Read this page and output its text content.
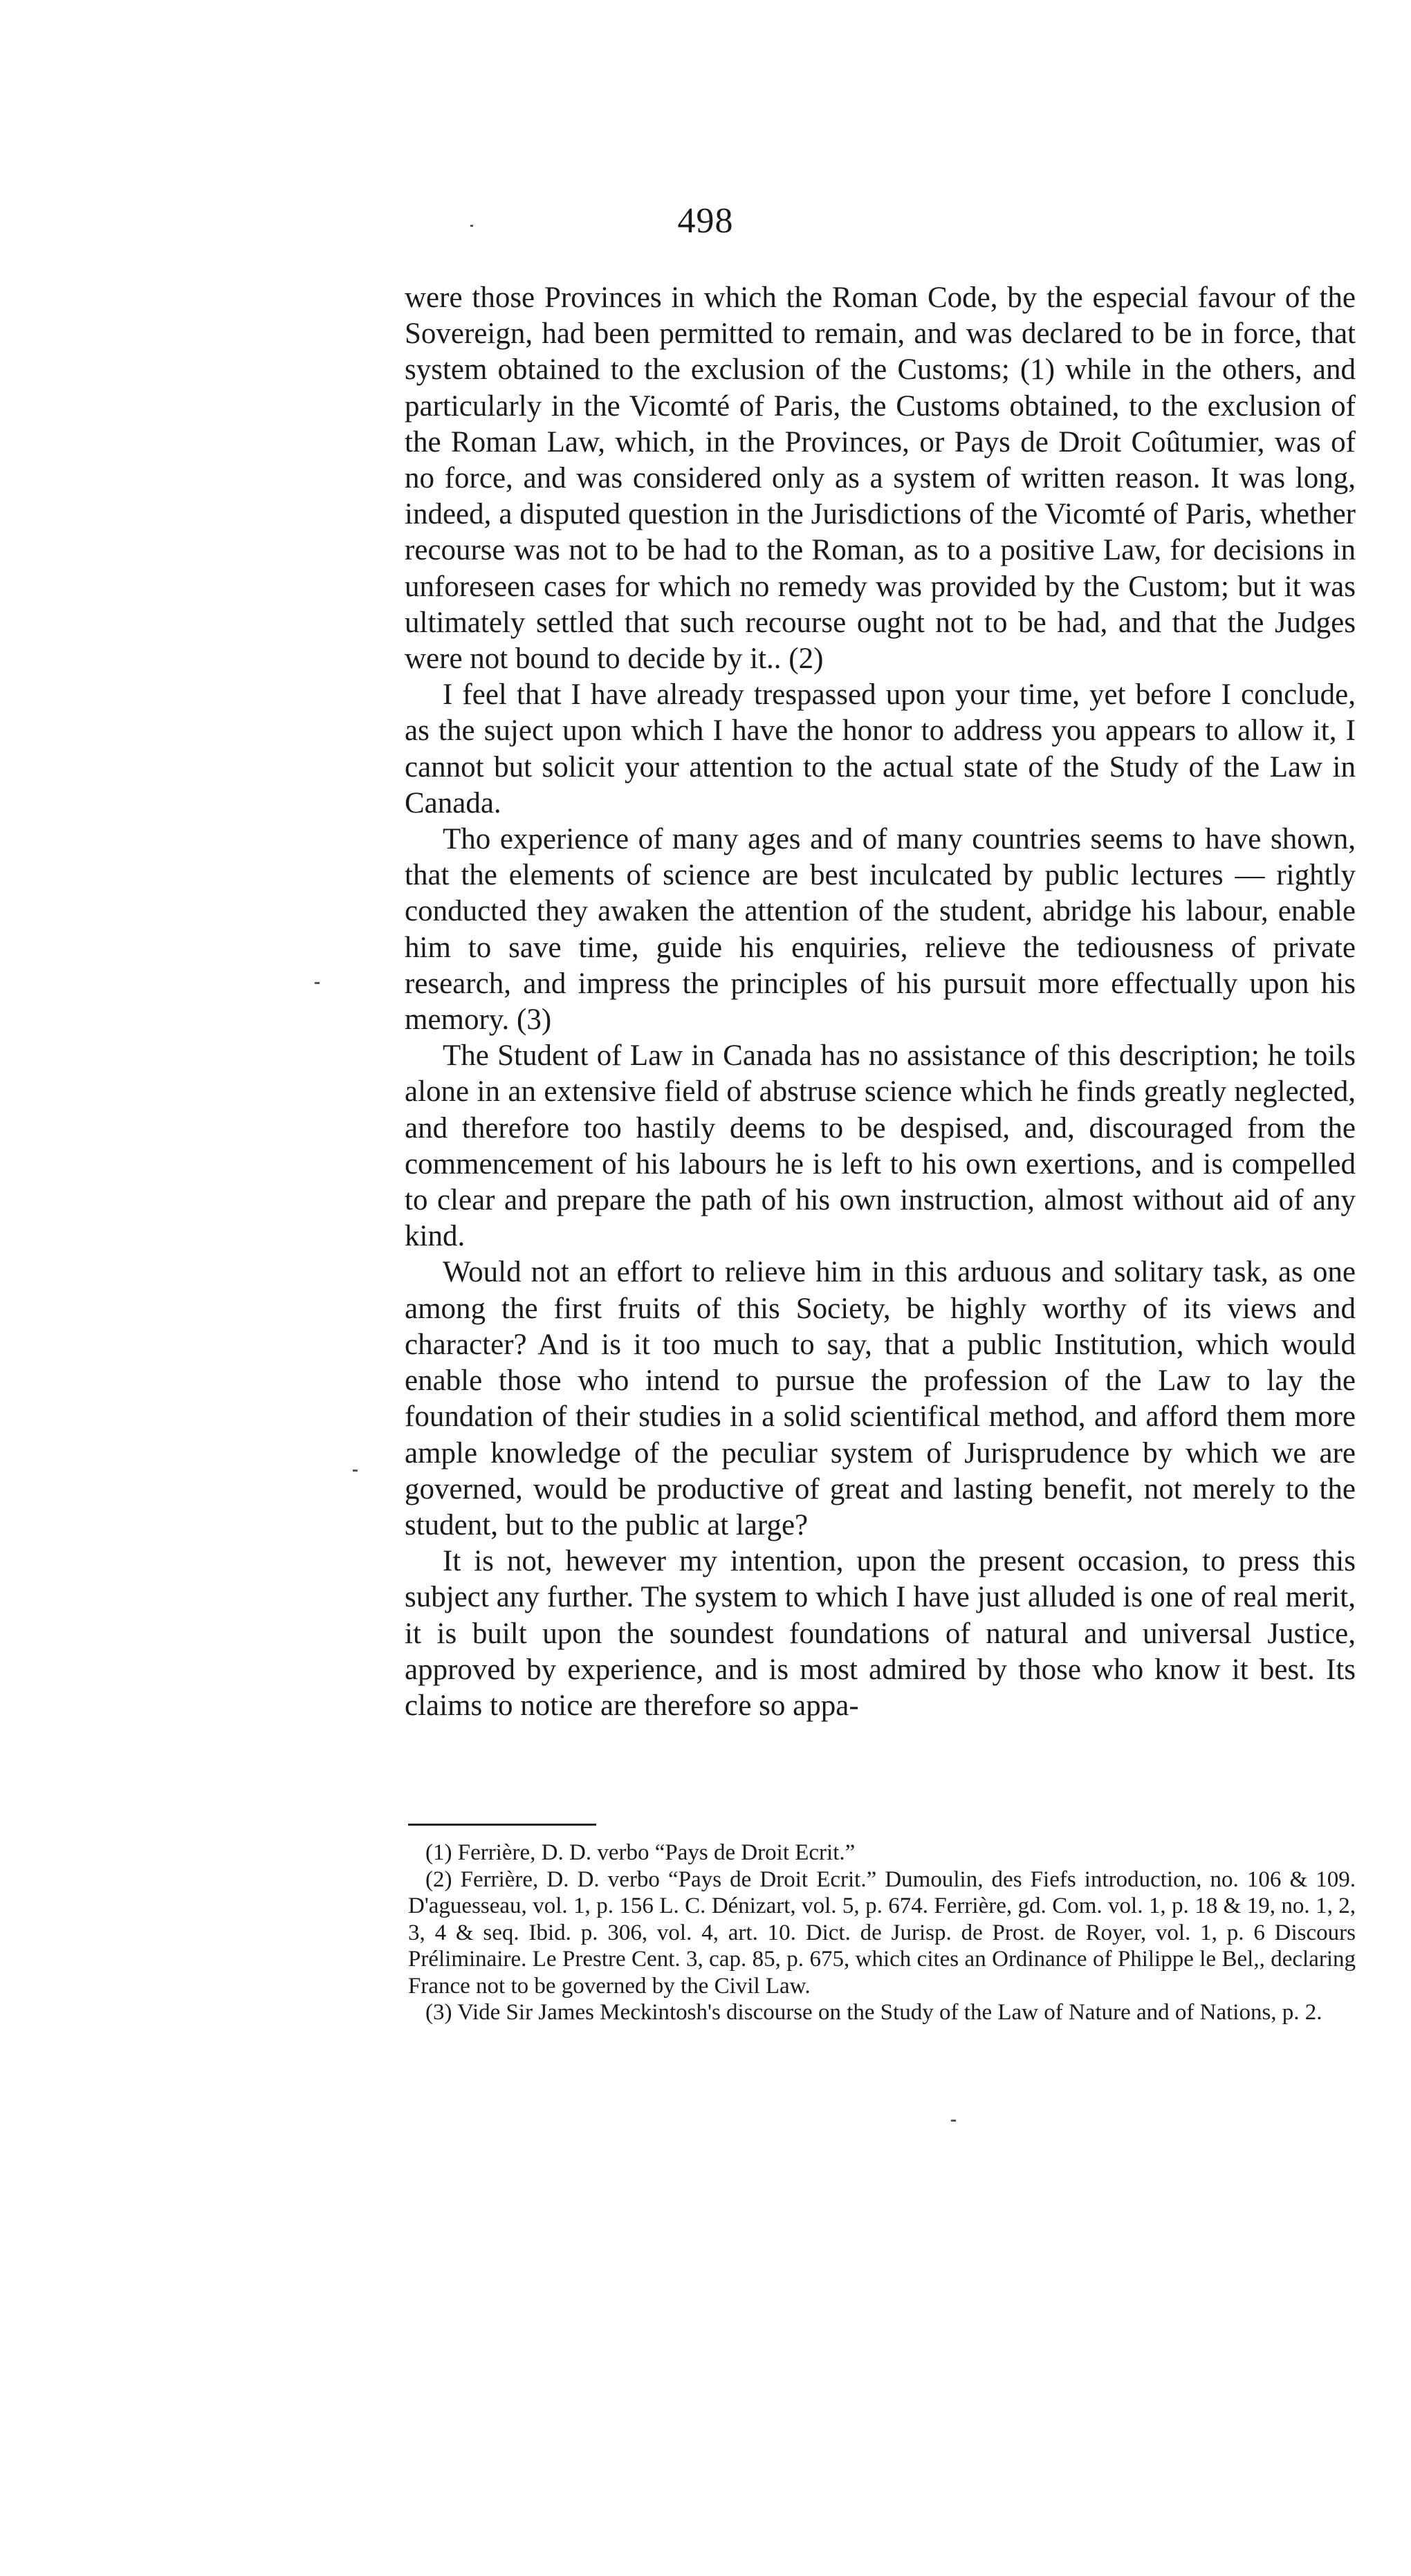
498

were those Provinces in which the Roman Code, by the especial favour of the Sovereign, had been permitted to remain, and was declared to be in force, that system obtained to the exclusion of the Customs; (1) while in the others, and particularly in the Vicomté of Paris, the Customs obtained, to the exclusion of the Roman Law, which, in the Provinces, or Pays de Droit Coûtumier, was of no force, and was considered only as a system of written reason. It was long, indeed, a disputed question in the Jurisdictions of the Vicomté of Paris, whether recourse was not to be had to the Roman, as to a positive Law, for decisions in unforeseen cases for which no remedy was provided by the Custom; but it was ultimately settled that such recourse ought not to be had, and that the Judges were not bound to decide by it.. (2)

I feel that I have already trespassed upon your time, yet before I conclude, as the suject upon which I have the honor to address you appears to allow it, I cannot but solicit your attention to the actual state of the Study of the Law in Canada.

Tho experience of many ages and of many countries seems to have shown, that the elements of science are best inculcated by public lectures — rightly conducted they awaken the attention of the student, abridge his labour, enable him to save time, guide his enquiries, relieve the tediousness of private research, and impress the principles of his pursuit more effectually upon his memory. (3)

The Student of Law in Canada has no assistance of this description; he toils alone in an extensive field of abstruse science which he finds greatly neglected, and therefore too hastily deems to be despised, and, discouraged from the commencement of his labours he is left to his own exertions, and is compelled to clear and prepare the path of his own instruction, almost without aid of any kind.

Would not an effort to relieve him in this arduous and solitary task, as one among the first fruits of this Society, be highly worthy of its views and character? And is it too much to say, that a public Institution, which would enable those who intend to pursue the profession of the Law to lay the foundation of their studies in a solid scientifical method, and afford them more ample knowledge of the peculiar system of Jurisprudence by which we are governed, would be productive of great and lasting benefit, not merely to the student, but to the public at large?

It is not, hewever my intention, upon the present occasion, to press this subject any further. The system to which I have just alluded is one of real merit, it is built upon the soundest foundations of natural and universal Justice, approved by experience, and is most admired by those who know it best. Its claims to notice are therefore so appa-

(1) Ferrière, D. D. verbo “Pays de Droit Ecrit.”

(2) Ferrière, D. D. verbo “Pays de Droit Ecrit.” Dumoulin, des Fiefs introduction, no. 106 & 109. D'aguesseau, vol. 1, p. 156 L. C. Dénizart, vol. 5, p. 674. Ferrière, gd. Com. vol. 1, p. 18 & 19, no. 1, 2, 3, 4 & seq. Ibid. p. 306, vol. 4, art. 10. Dict. de Jurisp. de Prost. de Royer, vol. 1, p. 6 Discours Préliminaire. Le Prestre Cent. 3, cap. 85, p. 675, which cites an Ordinance of Philippe le Bel,, declaring France not to be governed by the Civil Law.

(3) Vide Sir James Meckintosh's discourse on the Study of the Law of Nature and of Nations, p. 2.
